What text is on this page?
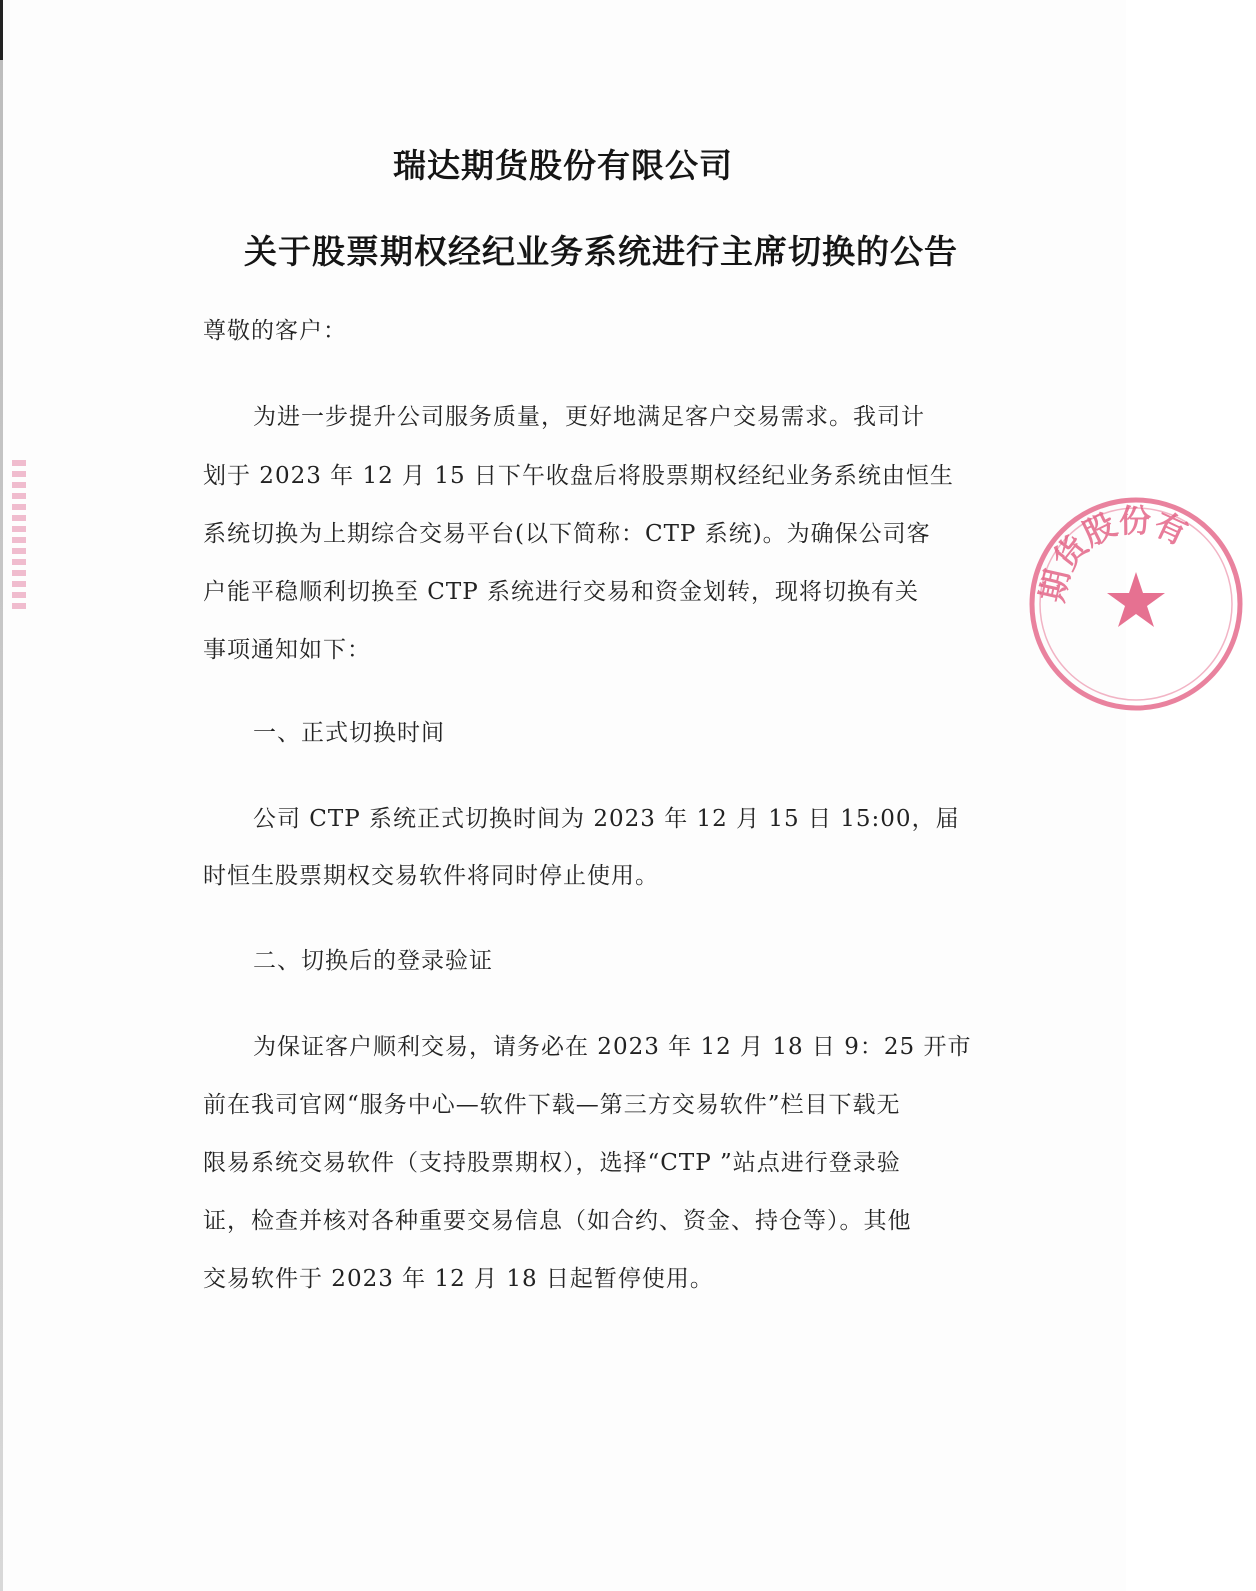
瑞达期货股份有限公司
关于股票期权经纪业务系统进行主席切换的公告
尊敬的客户：
为进一步提升公司服务质量，更好地满足客户交易需求。我司计
划于 2023 年 12 月 15 日下午收盘后将股票期权经纪业务系统由恒生
系统切换为上期综合交易平台(以下简称：CTP 系统)。为确保公司客
户能平稳顺利切换至 CTP 系统进行交易和资金划转，现将切换有关
事项通知如下：
一、正式切换时间
公司 CTP 系统正式切换时间为 2023 年 12 月 15 日 15:00，届
时恒生股票期权交易软件将同时停止使用。
二、切换后的登录验证
为保证客户顺利交易，请务必在 2023 年 12 月 18 日 9：25 开市
前在我司官网“服务中心—软件下载—第三方交易软件”栏目下载无
限易系统交易软件（支持股票期权），选择“CTP ”站点进行登录验
证，检查并核对各种重要交易信息（如合约、资金、持仓等）。其他
交易软件于 2023 年 12 月 18 日起暂停使用。
期货股份有
